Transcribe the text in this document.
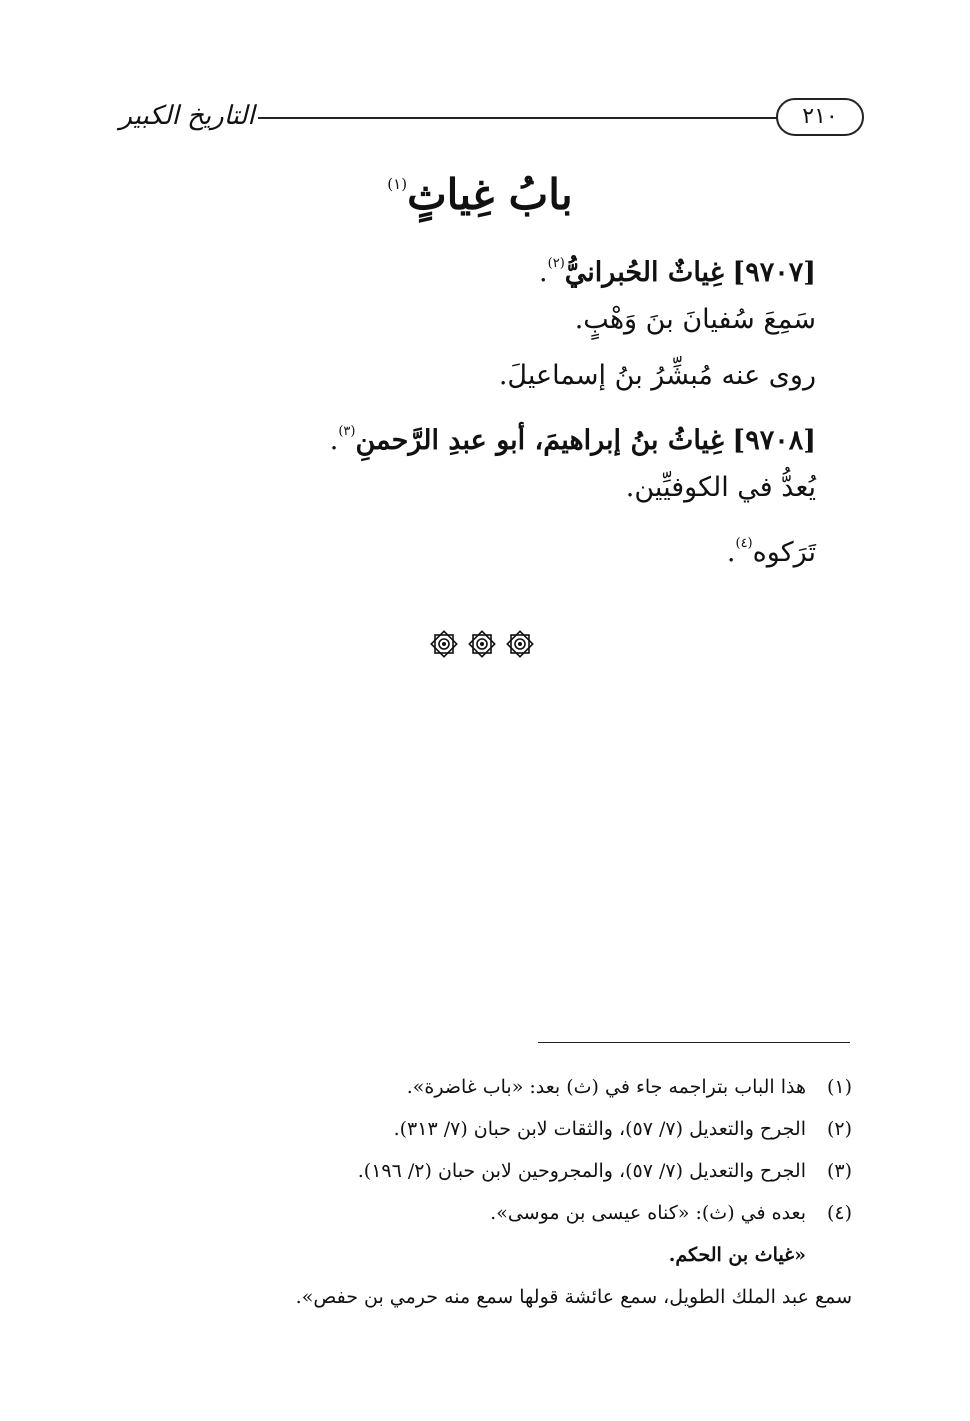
التاريخ الكبير	٢١٠
بابُ غِياثٍ$^{(١)}$
[٩٧٠٧] غِياثٌ الحُبرانيُّ$^{(٢)}$.
سَمِعَ سُفيانَ بنَ وَهْبٍ.
روى عنه مُبشِّرُ بنُ إسماعيلَ.
[٩٧٠٨] غِياثُ بنُ إبراهيمَ، أبو عبدِ الرَّحمنِ$^{(٣)}$.
يُعدُّ في الكوفيِّين.
تَرَكوه$^{(٤)}$.
(١)هذا الباب بتراجمه جاء في (ث) بعد: «باب غاضرة».
(٢)الجرح والتعديل (٧/ ٥٧)، والثقات لابن حبان (٧/ ٣١٣).
(٣)الجرح والتعديل (٧/ ٥٧)، والمجروحين لابن حبان (٢/ ١٩٦).
(٤)بعده في (ث): «كناه عيسى بن موسى».
«غياث بن الحكم.
سمع عبد الملك الطويل، سمع عائشة قولها سمع منه حرمي بن حفص».
